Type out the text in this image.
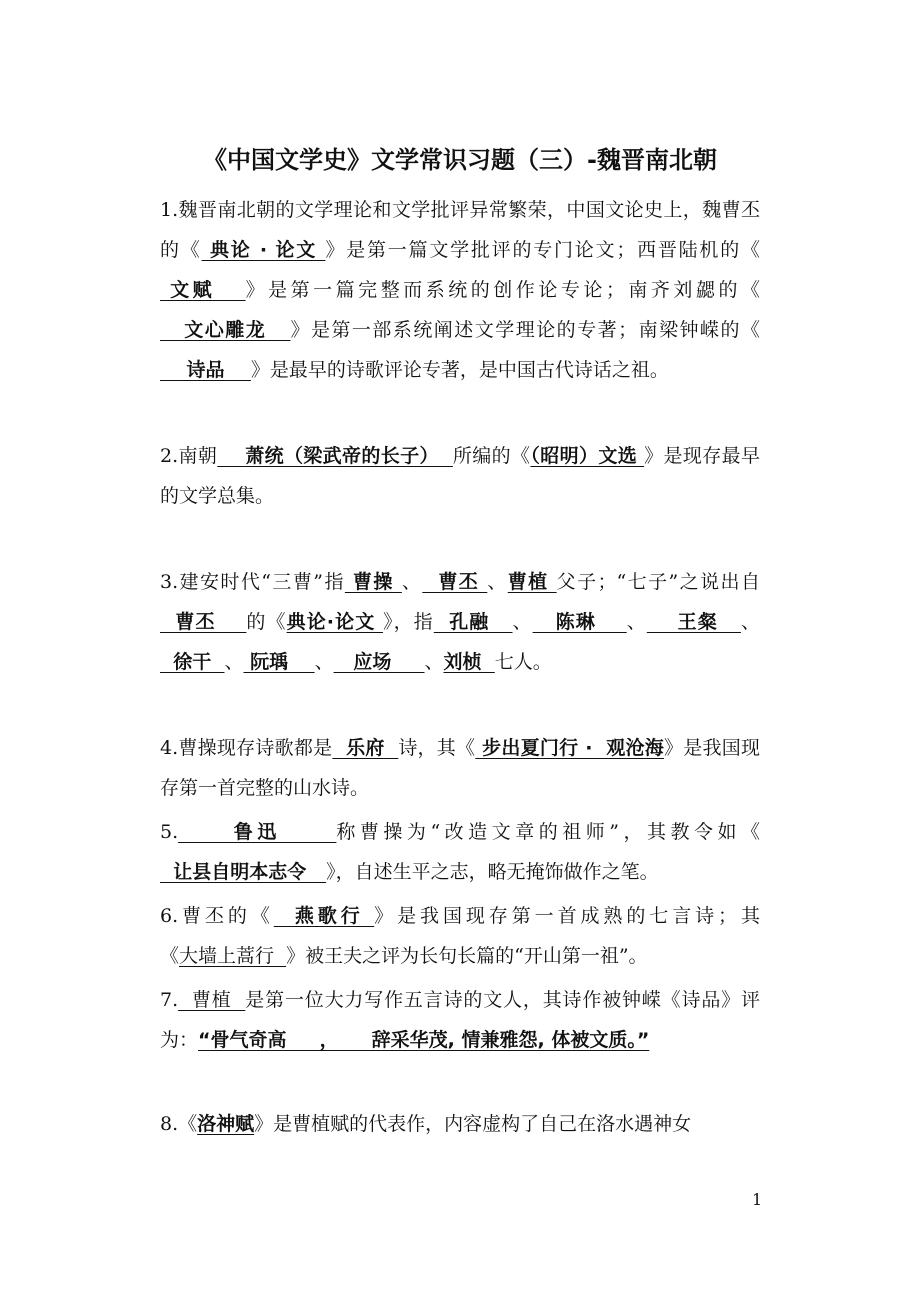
《中国文学史》文学常识习题（三）-魏晋南北朝
1.魏晋南北朝的文学理论和文学批评异常繁荣，中国文论史上，魏曹丕的《 典论 · 论文 》是第一篇文学批评的专门论文；西晋陆机的《 文赋   》是第一篇完整而系统的创作论专论；南齐刘勰的《   文心雕龙   》是第一部系统阐述文学理论的专著；南梁钟嵘的《    诗品    》是最早的诗歌评论专著，是中国古代诗话之祖。
2.南朝    萧统（梁武帝的长子）  所编的《（昭明）文选 》是现存最早的文学总集。
3.建安时代“三曹”指 曹操 、  曹丕 、曹植 父子；“七子”之说出自  曹丕    的《典论·论文 》，指  孔融   、   陈琳    、    王粲   、  徐干  、 阮瑀    、   应场     、刘桢  七人。
4.曹操现存诗歌都是  乐府  诗，其《 步出夏门行 ·  观沧海》是我国现存第一首完整的山水诗。
5.     鲁迅     称曹操为“改造文章的祖师”，其教令如《  让县自明本志令   》，自述生平之志，略无掩饰做作之笔。
6.曹丕的《  燕歌行 》是我国现存第一首成熟的七言诗；其《大墙上蒿行  》被王夫之评为长句长篇的“开山第一祖”。
7.  曹植  是第一位大力写作五言诗的文人，其诗作被钟嵘《诗品》评为：“骨气奇高     ，     辞采华茂, 情兼雅怨, 体被文质。”
8.《洛神赋》是曹植赋的代表作，内容虚构了自己在洛水遇神女
1
